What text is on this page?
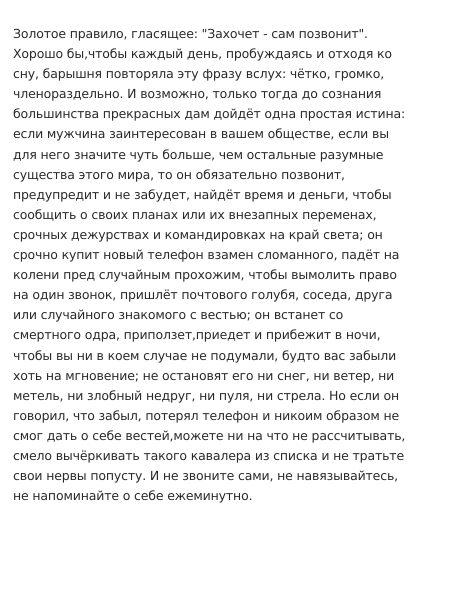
Золотое правило, гласящее: "Захочет - сам позвонит".
Хорошо бы,чтобы каждый день, пробуждаясь и отходя ко
сну, барышня повторяла эту фразу вслух: чётко, громко,
членораздельно. И возможно, только тогда до сознания
большинства прекрасных дам дойдёт одна простая истина:
если мужчина заинтересован в вашем обществе, если вы
для него значите чуть больше, чем остальные разумные
существа этого мира, то он обязательно позвонит,
предупредит и не забудет, найдёт время и деньги, чтобы
сообщить о своих планах или их внезапных переменах,
срочных дежурствах и командировках на край света; он
срочно купит новый телефон взамен сломанного, падёт на
колени пред случайным прохожим, чтобы вымолить право
на один звонок, пришлёт почтового голубя, соседа, друга
или случайного знакомого с вестью; он встанет со
смертного одра, приползет,приедет и прибежит в ночи,
чтобы вы ни в коем случае не подумали, будто вас забыли
хоть на мгновение; не остановят его ни снег, ни ветер, ни
метель, ни злобный недруг, ни пуля, ни стрела. Но если он
говорил, что забыл, потерял телефон и никоим образом не
смог дать о себе вестей,можете ни на что не рассчитывать,
смело вычёркивать такого кавалера из списка и не тратьте
свои нервы попусту. И не звоните сами, не навязывайтесь,
не напоминайте о себе ежеминутно.
